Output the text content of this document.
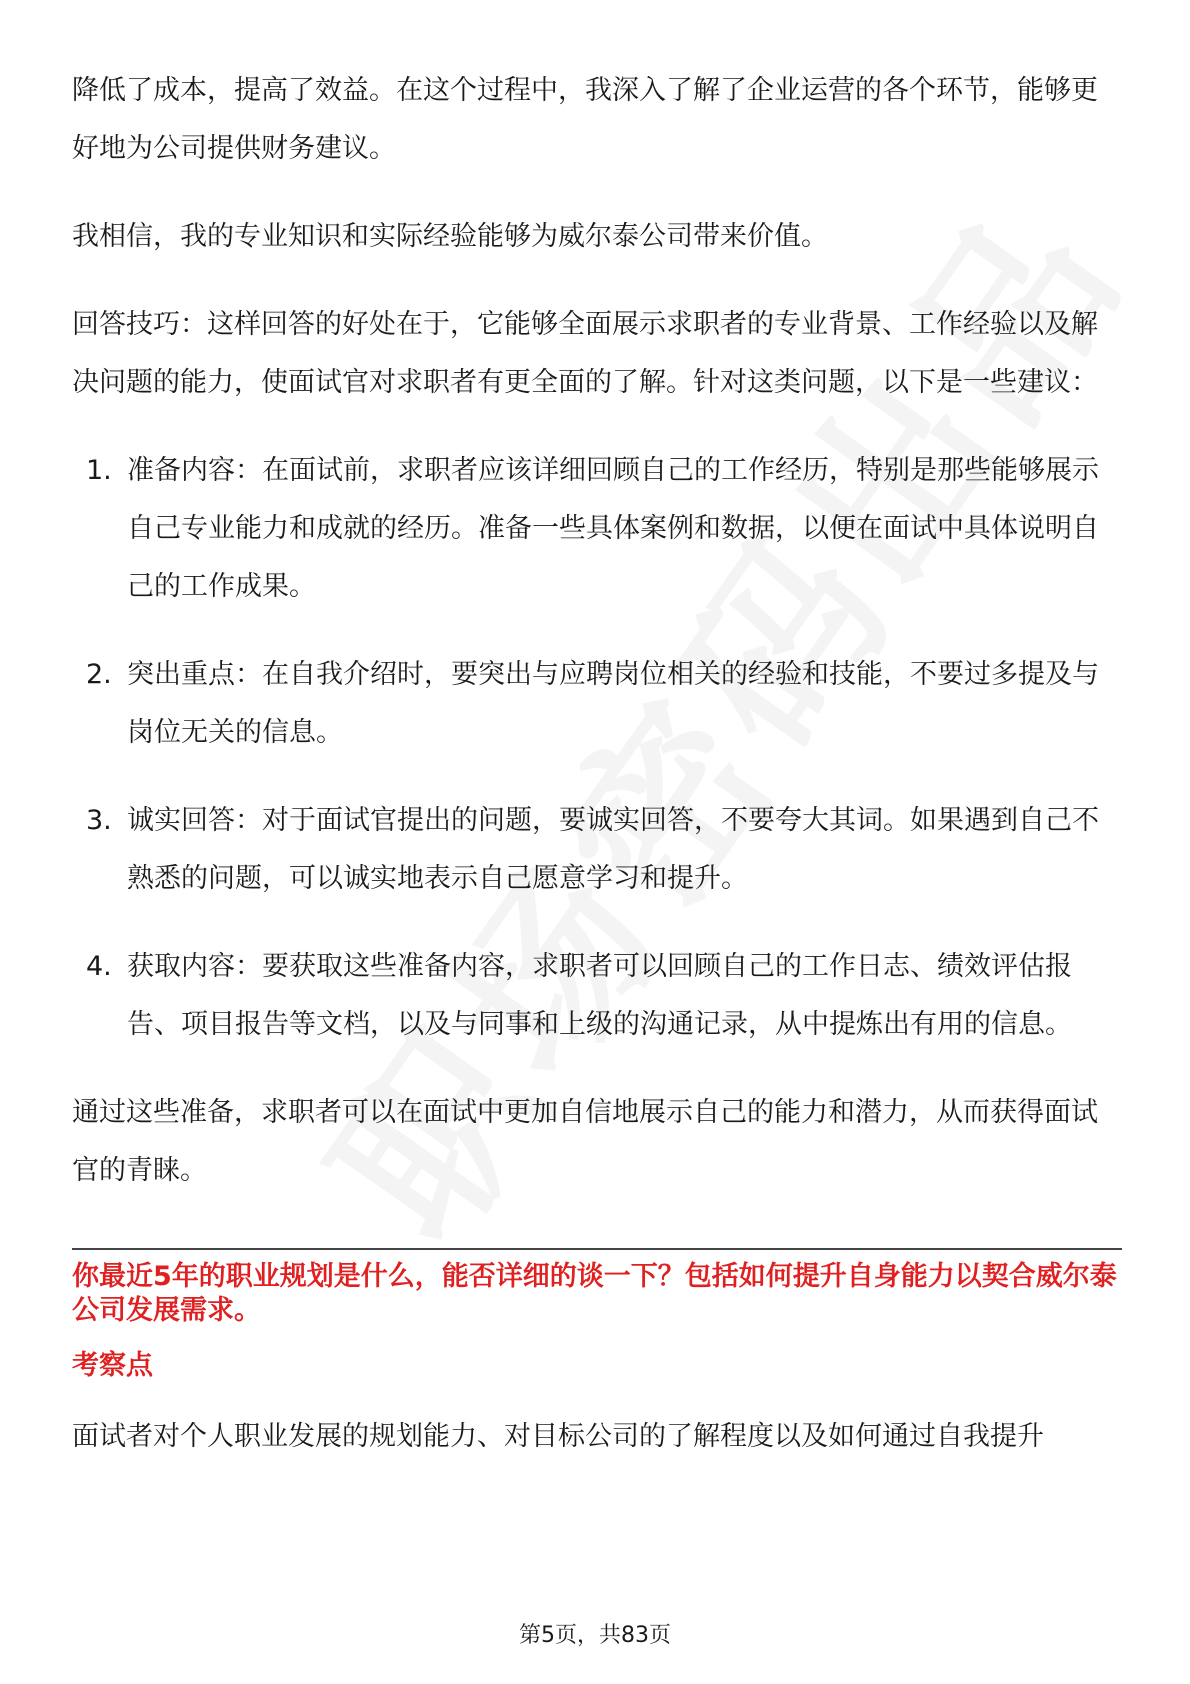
降低了成本，提高了效益。在这个过程中，我深入了解了企业运营的各个环节，能够更好地为公司提供财务建议。

我相信，我的专业知识和实际经验能够为威尔泰公司带来价值。

回答技巧：这样回答的好处在于，它能够全面展示求职者的专业背景、工作经验以及解决问题的能力，使面试官对求职者有更全面的了解。针对这类问题，以下是一些建议：

1. 准备内容：在面试前，求职者应该详细回顾自己的工作经历，特别是那些能够展示自己专业能力和成就的经历。准备一些具体案例和数据，以便在面试中具体说明自己的工作成果。
2. 突出重点：在自我介绍时，要突出与应聘岗位相关的经验和技能，不要过多提及与岗位无关的信息。
3. 诚实回答：对于面试官提出的问题，要诚实回答，不要夸大其词。如果遇到自己不熟悉的问题，可以诚实地表示自己愿意学习和提升。
4. 获取内容：要获取这些准备内容，求职者可以回顾自己的工作日志、绩效评估报告、项目报告等文档，以及与同事和上级的沟通记录，从中提炼出有用的信息。

通过这些准备，求职者可以在面试中更加自信地展示自己的能力和潜力，从而获得面试官的青睐。

你最近5年的职业规划是什么，能否详细的谈一下？包括如何提升自身能力以契合威尔泰公司发展需求。
考察点

面试者对个人职业发展的规划能力、对目标公司的了解程度以及如何通过自我提升

第5页，共83页
